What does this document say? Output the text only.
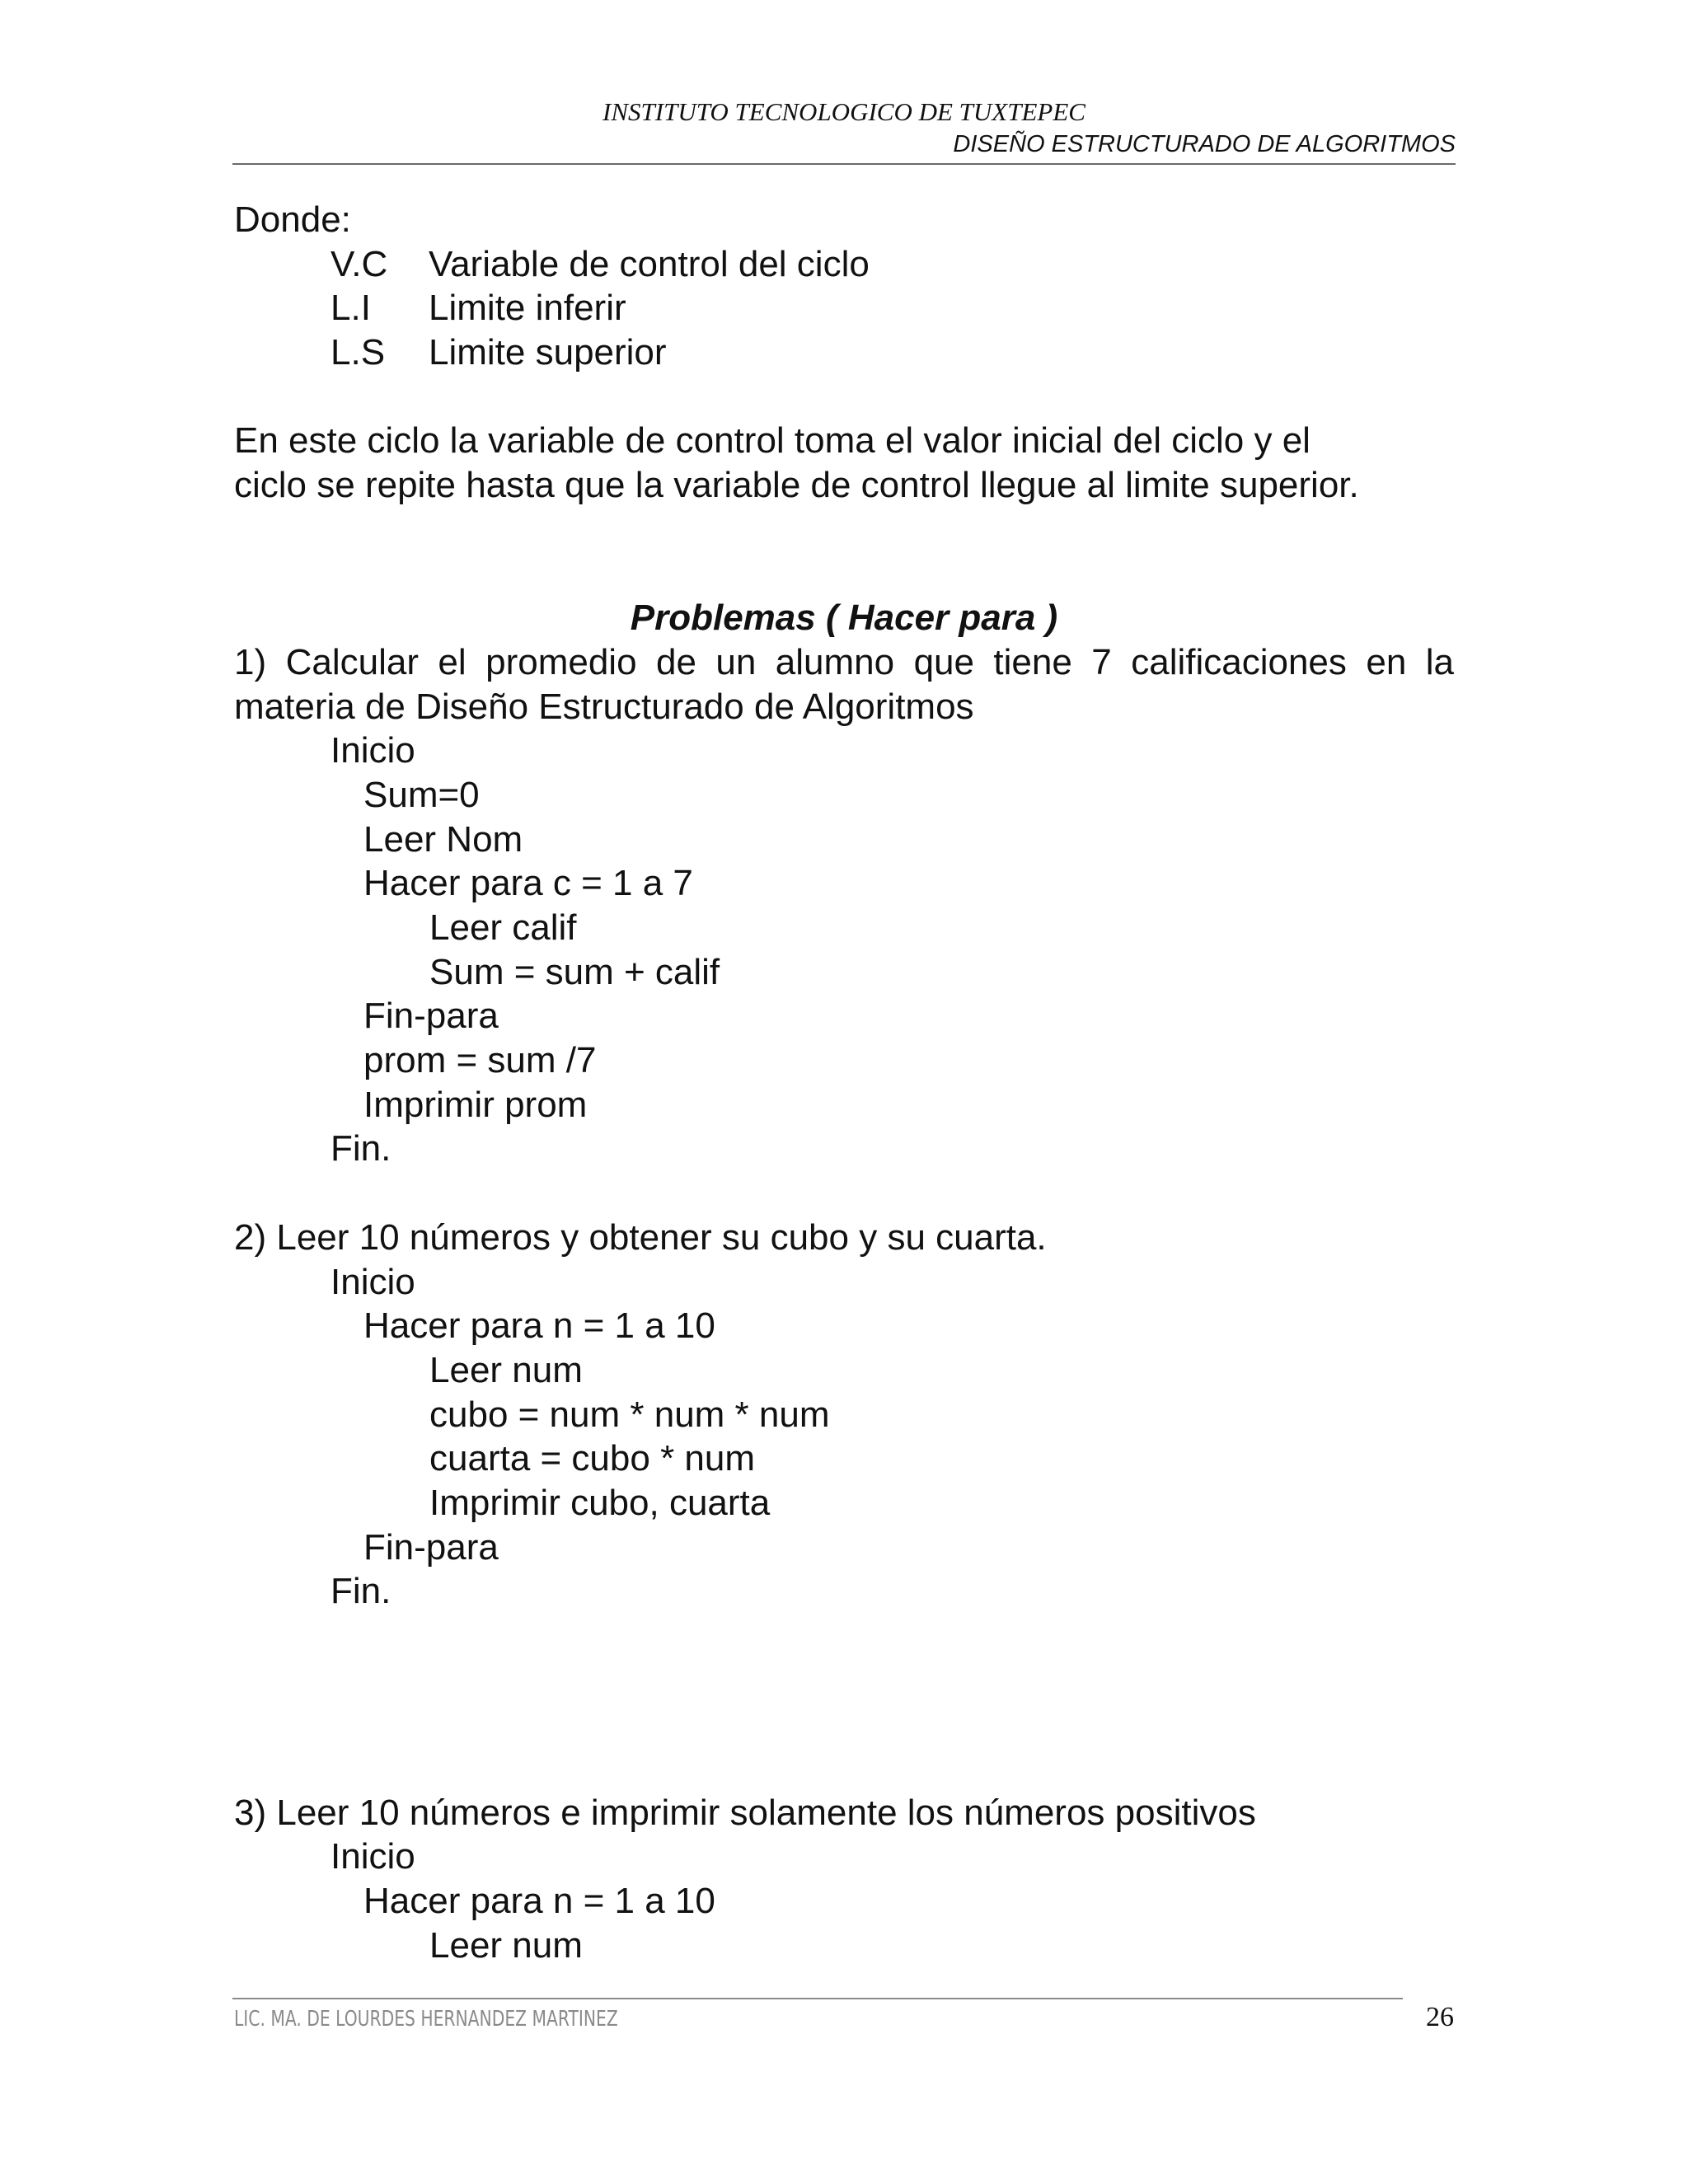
INSTITUTO TECNOLOGICO DE TUXTEPEC
DISEÑO ESTRUCTURADO DE ALGORITMOS
Donde:
V.C	Variable de control del ciclo
L.I	Limite inferir
L.S	Limite superior
En este ciclo la variable de control toma el valor inicial del ciclo y el
ciclo se repite hasta que la variable de control llegue al limite superior.
Problemas ( Hacer para )
1) Calcular el promedio de un alumno que tiene 7 calificaciones en la
materia de Diseño Estructurado de Algoritmos
Inicio
Sum=0
Leer Nom
Hacer para c = 1 a 7
Leer calif
Sum = sum + calif
Fin-para
prom = sum /7
Imprimir prom
Fin.
2) Leer 10 números y obtener su cubo y su cuarta.
Inicio
Hacer para n = 1 a 10
Leer num
cubo = num * num * num
cuarta = cubo * num
Imprimir cubo, cuarta
Fin-para
Fin.
3) Leer 10 números e imprimir solamente los números positivos
Inicio
Hacer para n = 1 a 10
Leer num
LIC. MA. DE LOURDES HERNANDEZ MARTINEZ	26
